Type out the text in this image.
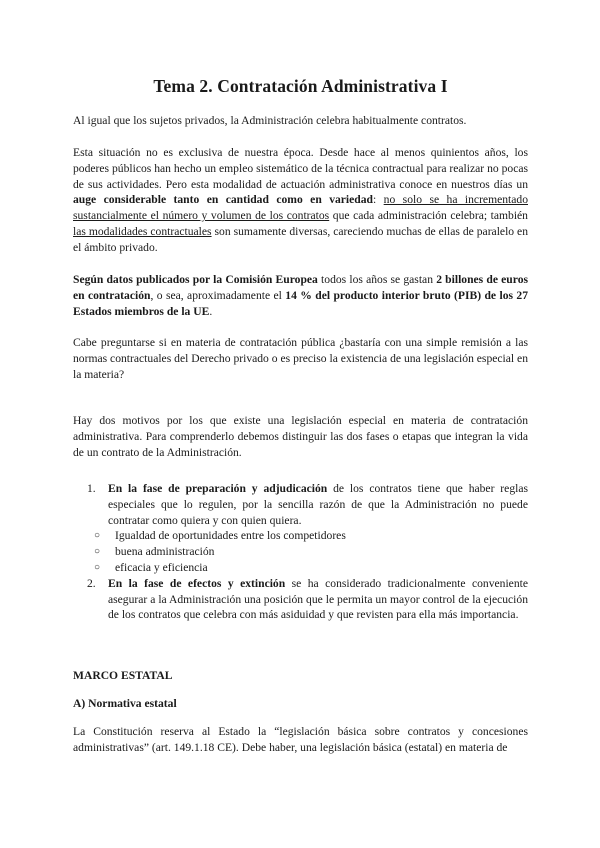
Tema 2. Contratación Administrativa I

Al igual que los sujetos privados, la Administración celebra habitualmente contratos.

Esta situación no es exclusiva de nuestra época. Desde hace al menos quinientos años, los poderes públicos han hecho un empleo sistemático de la técnica contractual para realizar no pocas de sus actividades. Pero esta modalidad de actuación administrativa conoce en nuestros días un auge considerable tanto en cantidad como en variedad: no solo se ha incrementado sustancialmente el número y volumen de los contratos que cada administración celebra; también las modalidades contractuales son sumamente diversas, careciendo muchas de ellas de paralelo en el ámbito privado.

Según datos publicados por la Comisión Europea todos los años se gastan 2 billones de euros en contratación, o sea, aproximadamente el 14 % del producto interior bruto (PIB) de los 27 Estados miembros de la UE.

Cabe preguntarse si en materia de contratación pública ¿bastaría con una simple remisión a las normas contractuales del Derecho privado o es preciso la existencia de una legislación especial en la materia?

Hay dos motivos por los que existe una legislación especial en materia de contratación administrativa. Para comprenderlo debemos distinguir las dos fases o etapas que integran la vida de un contrato de la Administración.

1. En la fase de preparación y adjudicación de los contratos tiene que haber reglas especiales que lo regulen, por la sencilla razón de que la Administración no puede contratar como quiera y con quien quiera.
○ Igualdad de oportunidades entre los competidores
○ buena administración
○ eficacia y eficiencia
2. En la fase de efectos y extinción se ha considerado tradicionalmente conveniente asegurar a la Administración una posición que le permita un mayor control de la ejecución de los contratos que celebra con más asiduidad y que revisten para ella más importancia.
MARCO ESTATAL
A) Normativa estatal

La Constitución reserva al Estado la “legislación básica sobre contratos y concesiones administrativas” (art. 149.1.18 CE). Debe haber, una legislación básica (estatal) en materia de
